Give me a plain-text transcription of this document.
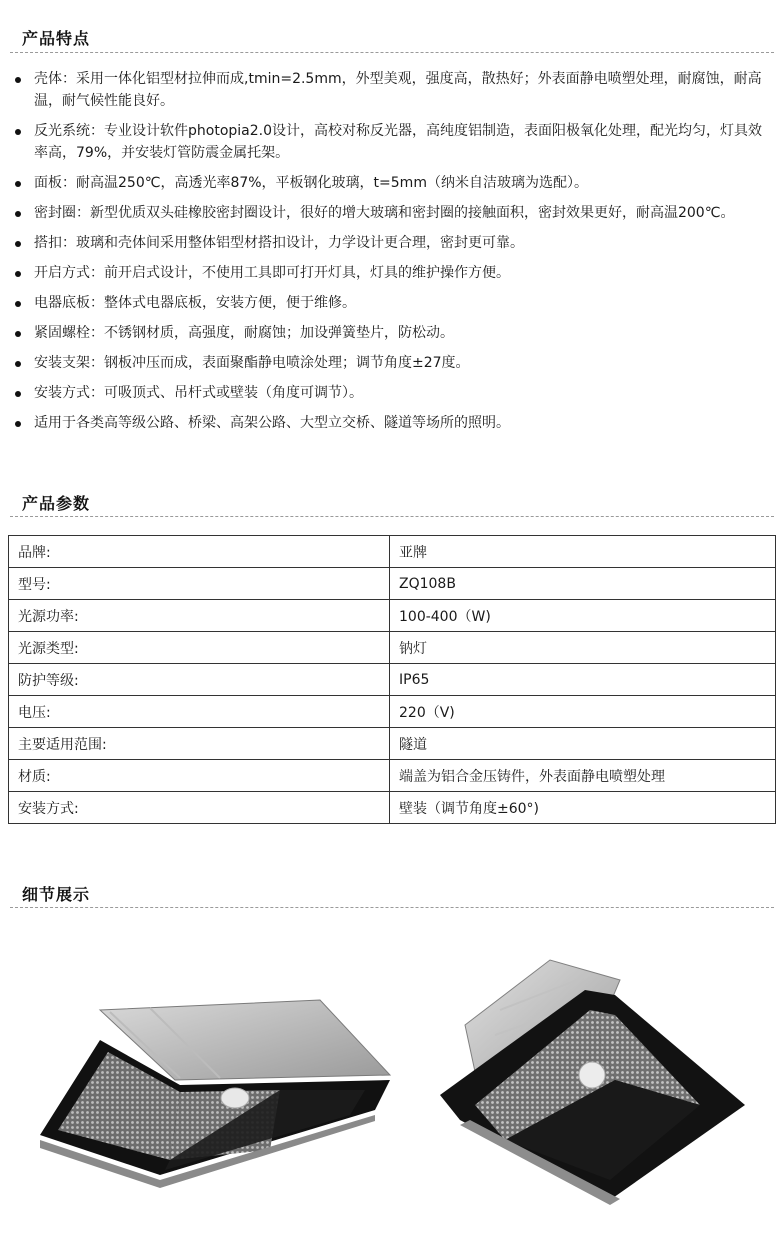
产品特点
壳体：采用一体化铝型材拉伸而成,tmin=2.5mm，外型美观，强度高，散热好；外表面静电喷塑处理，耐腐蚀，耐高温，耐气候性能良好。
反光系统：专业设计软件photopia2.0设计，高校对称反光器，高纯度铝制造，表面阳极氧化处理，配光均匀，灯具效率高，79%，并安装灯管防震金属托架。
面板：耐高温250℃，高透光率87%，平板钢化玻璃，t=5mm（纳米自洁玻璃为选配）。
密封圈：新型优质双头硅橡胶密封圈设计，很好的增大玻璃和密封圈的接触面积，密封效果更好，耐高温200℃。
搭扣：玻璃和壳体间采用整体铝型材搭扣设计，力学设计更合理，密封更可靠。
开启方式：前开启式设计，不使用工具即可打开灯具，灯具的维护操作方便。
电器底板：整体式电器底板，安装方便，便于维修。
紧固螺栓：不锈钢材质，高强度，耐腐蚀；加设弹簧垫片，防松动。
安装支架：钢板冲压而成，表面聚酯静电喷涂处理；调节角度±27度。
安装方式：可吸顶式、吊杆式或壁装（角度可调节）。
适用于各类高等级公路、桥梁、高架公路、大型立交桥、隧道等场所的照明。
产品参数
品牌:	亚牌
型号:	ZQ108B
光源功率:	100-400（W)
光源类型:	钠灯
防护等级:	IP65
电压:	220（V)
主要适用范围:	隧道
材质:	端盖为铝合金压铸件，外表面静电喷塑处理
安装方式:	壁装（调节角度±60°)
细节展示
